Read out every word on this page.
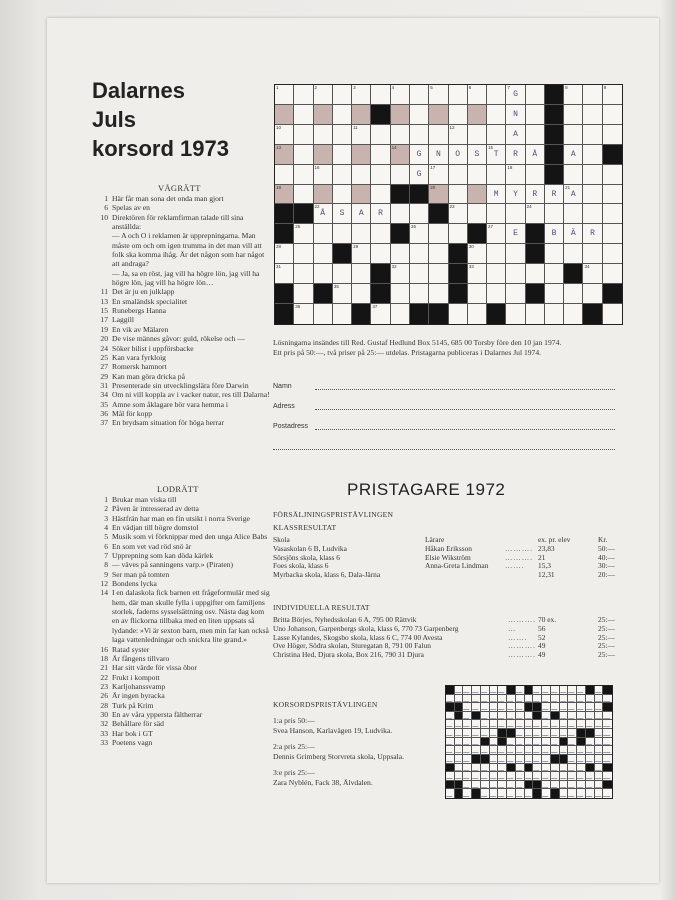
Dalarnes
Juls
korsord 1973
VÅGRÄTT
1 Här får man sona det onda man gjort
6 Spelas av en
10 Direktören för reklamfirman talade till sina anställda:
— A och O i reklamen är upprepningarna. Man måste om och om igen trumma in det man vill att folk ska komma ihåg. Är det någon som har något att andraga?
— Ja, sa en röst, jag vill ha högre lön, jag vill ha högre lön, jag vill ha högre lön…
11 Det är ju en julklapp
13 En smaländsk specialitet
15 Runebergs Hanna
17 Laggill
19 En vik av Mälaren
20 De vise männes gåvor: guld, rökelse och —
24 Söker bilist i uppförsbacke
25 Kan vara fyrkloig
27 Romersk hamnort
29 Kan man göra dricka på
31 Presenterade sin utvecklingslära före Darwin
34 Om ni vill koppla av i vacker natur, res till Dalarna!
35 Amne som åklagare bör vara hemma i
36 Mål för kopp
37 En brydsam situation för höga herrar
LODRÄTT
1 Brukar man viska till
2 Påven är intresserad av detta
3 Hästfrän har man en fin utsikt i norra Sverige
4 En vädjan till högre domstol
5 Musik som vi förknippar med den unga Alice Babs
6 En som vet vad röd snö är
7 Upprepning som kan döda kärlek
8 — väves på sanningens varp.» (Piraten)
9 Ser man på tomten
12 Bondens lycka
14 I en dalaskola fick barnen ett frågeformulär med sig hem, där man skulle fylla i uppgifter om familjens storlek, faderns sysselsättning osv. Nästa dag kom en av flickorna tillbaka med en liten uppsats så lydande: »Vi är sexton barn, men min far kan också laga vattenledningar och snickra lite grand.»
16 Ratad syster
18 Är fångens tillvaro
21 Har sitt värde för vissa öbor
22 Frukt i kompott
23 Karljohanssvamp
26 Är ingen byracka
28 Turk på Krim
30 En av våra yppersta fältherrar
32 Behållare för säd
33 Har bok i GT
33 Poetens vagn
1	2	3	4	5	6	7
G
8	9
N
10	11	12
A
13	14
G	N	O	S
15
T	R	Å	A
16
G
17	18
19	20
M	Y	R	R
21
A
22
Å	S	A	R
23	24
25	26	27
E	B	Ä	R
28	29	30
31	32	33	34
35
36	37
Lösningarna insändes till Red. Gustaf Hedlund Box 5145, 685 00 Torsby före den 10 jan 1974.
Ett pris på 50:—, två priser på 25:— utdelas. Pristagarna publiceras i Dalarnes Jul 1974.
Namn
Adress
Postadress
PRISTAGARE 1972
FÖRSÄLJNINGSPRISTÄVLINGEN
KLASSRESULTAT
Skola	Lärare	ex. pr. elev	Kr.
Vasaskolan 6 B, Ludvika	Håkan Eriksson	………. 23,83	50:—
Sörsjöns skola, klass 6	Elsie Wikström	………. 21	40:—
Foes skola, klass 6	Anna-Greta Lindman ……. 15,3	30:—
Myrbacka skola, klass 6, Dala-Järna	12,31	20:—
INDIVIDUELLA RESULTAT
Britta Börjes, Nyhedsskolan 6 A, 795 00 Rättvik	………. 70 ex.	25:—
Uno Johanson, Garpenbergs skola, klass 6, 770 73 Garpenberg	…	56	25:—
Lasse Kylandes, Skogsbo skola, klass 6 C, 774 00 Avesta	……. 52	25:—
Ove Höger, Södra skolan, Sturegatan 8, 791 00 Falun	………. 49	25:—
Christina Hed, Djura skola, Box 216, 790 31 Djura	………. 49	25:—
KORSORDSPRISTÄVLINGEN
1:a pris 50:—
Svea Hanson, Karlavägen 19, Ludvika.
2:a pris 25:—
Dennis Grimberg Storvreta skola, Uppsala.
3:e pris 25:—
Zara Nyblén, Fack 38, Älvdalen.
